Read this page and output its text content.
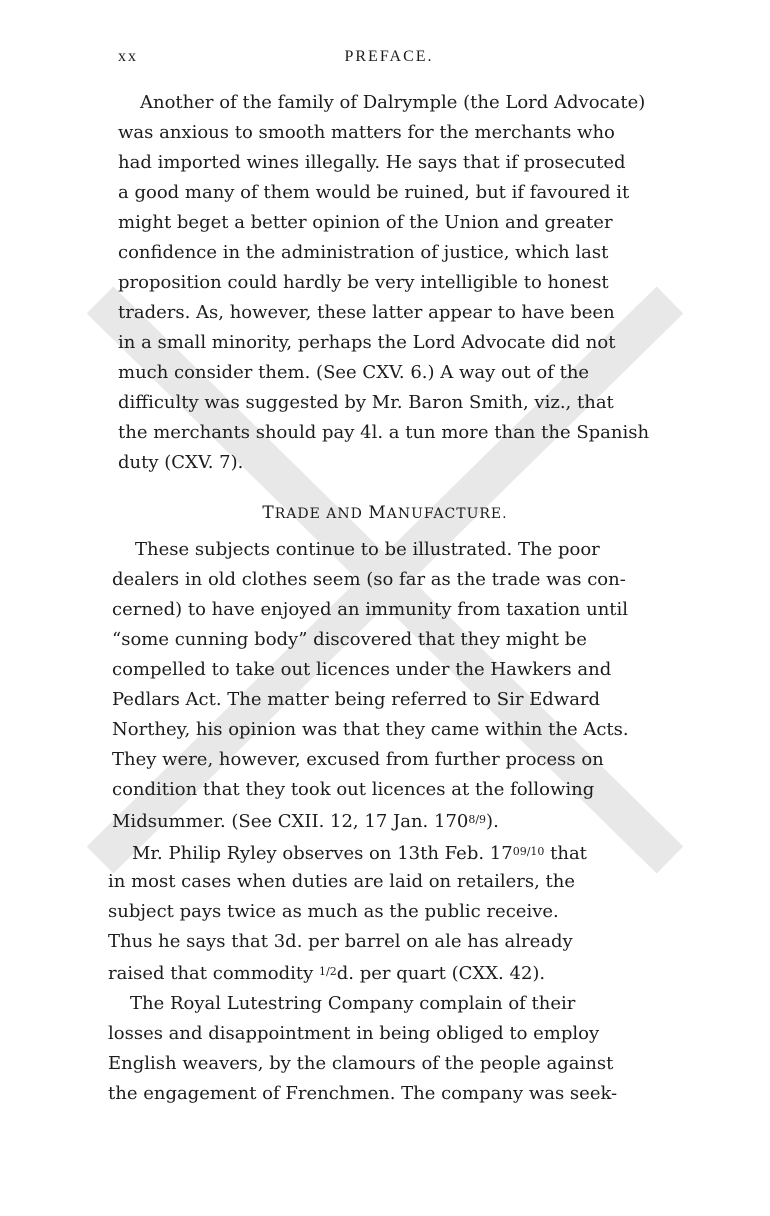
xx	PREFACE.
Another of the family of Dalrymple (the Lord Advocate)
was anxious to smooth matters for the merchants who
had imported wines illegally. He says that if prosecuted
a good many of them would be ruined, but if favoured it
might beget a better opinion of the Union and greater
confidence in the administration of justice, which last
proposition could hardly be very intelligible to honest
traders. As, however, these latter appear to have been
in a small minority, perhaps the Lord Advocate did not
much consider them. (See CXV. 6.) A way out of the
difficulty was suggested by Mr. Baron Smith, viz., that
the merchants should pay 4l. a tun more than the Spanish
duty (CXV. 7).
TRADE AND MANUFACTURE.
These subjects continue to be illustrated. The poor
dealers in old clothes seem (so far as the trade was con-
cerned) to have enjoyed an immunity from taxation until
“some cunning body” discovered that they might be
compelled to take out licences under the Hawkers and
Pedlars Act. The matter being referred to Sir Edward
Northey, his opinion was that they came within the Acts.
They were, however, excused from further process on
condition that they took out licences at the following
Midsummer. (See CXII. 12, 17 Jan. $170^{8/9}$).
Mr. Philip Ryley observes on 13th Feb. $17^{09/10}$ that
in most cases when duties are laid on retailers, the
subject pays twice as much as the public receive.
Thus he says that 3d. per barrel on ale has already
raised that commodity $^{1/2}$d. per quart (CXX. 42).
The Royal Lutestring Company complain of their
losses and disappointment in being obliged to employ
English weavers, by the clamours of the people against
the engagement of Frenchmen. The company was seek-
